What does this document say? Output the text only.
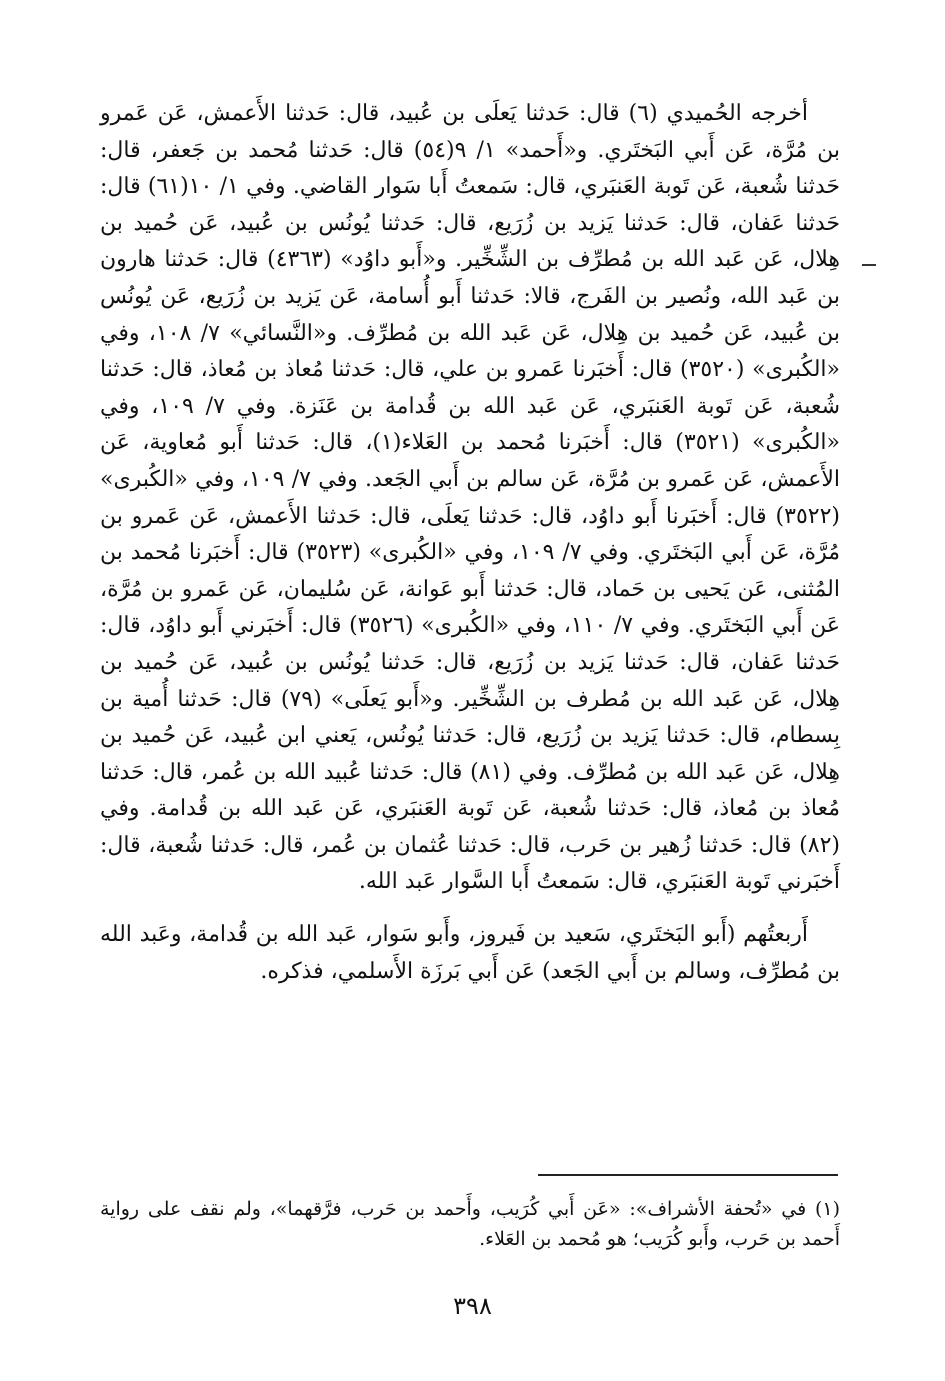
أخرجه الحُميدي (٦) قال: حَدثنا يَعلَى بن عُبيد، قال: حَدثنا الأَعمش، عَن عَمرو بن مُرَّة، عَن أَبي البَختَري. و«أَحمد» ١/ ٩(٥٤) قال: حَدثنا مُحمد بن جَعفر، قال: حَدثنا شُعبة، عَن تَوبة العَنبَري، قال: سَمعتُ أَبا سَوار القاضي. وفي ١/ ١٠(٦١) قال: حَدثنا عَفان، قال: حَدثنا يَزيد بن زُرَيع، قال: حَدثنا يُونُس بن عُبيد، عَن حُميد بن هِلال، عَن عَبد الله بن مُطرِّف بن الشِّخِّير. و«أَبو داوُد» (٤٣٦٣) قال: حَدثنا هارون بن عَبد الله، ونُصير بن الفَرج، قالا: حَدثنا أَبو أُسامة، عَن يَزيد بن زُرَيع، عَن يُونُس بن عُبيد، عَن حُميد بن هِلال، عَن عَبد الله بن مُطرِّف. و«النَّسائي» ٧/ ١٠٨، وفي «الكُبرى» (٣٥٢٠) قال: أَخبَرنا عَمرو بن علي، قال: حَدثنا مُعاذ بن مُعاذ، قال: حَدثنا شُعبة، عَن تَوبة العَنبَري، عَن عَبد الله بن قُدامة بن عَنَزة. وفي ٧/ ١٠٩، وفي «الكُبرى» (٣٥٢١) قال: أَخبَرنا مُحمد بن العَلاء(١)، قال: حَدثنا أَبو مُعاوية، عَن الأَعمش، عَن عَمرو بن مُرَّة، عَن سالم بن أَبي الجَعد. وفي ٧/ ١٠٩، وفي «الكُبرى» (٣٥٢٢) قال: أَخبَرنا أَبو داوُد، قال: حَدثنا يَعلَى، قال: حَدثنا الأَعمش، عَن عَمرو بن مُرَّة، عَن أَبي البَختَري. وفي ٧/ ١٠٩، وفي «الكُبرى» (٣٥٢٣) قال: أَخبَرنا مُحمد بن المُثنى، عَن يَحيى بن حَماد، قال: حَدثنا أَبو عَوانة، عَن سُليمان، عَن عَمرو بن مُرَّة، عَن أَبي البَختَري. وفي ٧/ ١١٠، وفي «الكُبرى» (٣٥٢٦) قال: أَخبَرني أَبو داوُد، قال: حَدثنا عَفان، قال: حَدثنا يَزيد بن زُرَيع، قال: حَدثنا يُونُس بن عُبيد، عَن حُميد بن هِلال، عَن عَبد الله بن مُطرف بن الشِّخِّير. و«أَبو يَعلَى» (٧٩) قال: حَدثنا أُمية بن بِسطام، قال: حَدثنا يَزيد بن زُرَيع، قال: حَدثنا يُونُس، يَعني ابن عُبيد، عَن حُميد بن هِلال، عَن عَبد الله بن مُطرِّف. وفي (٨١) قال: حَدثنا عُبيد الله بن عُمر، قال: حَدثنا مُعاذ بن مُعاذ، قال: حَدثنا شُعبة، عَن تَوبة العَنبَري، عَن عَبد الله بن قُدامة. وفي (٨٢) قال: حَدثنا زُهير بن حَرب، قال: حَدثنا عُثمان بن عُمر، قال: حَدثنا شُعبة، قال: أَخبَرني تَوبة العَنبَري، قال: سَمعتُ أَبا السَّوار عَبد الله.

أَربعتُهم (أَبو البَختَري، سَعيد بن فَيروز، وأَبو سَوار، عَبد الله بن قُدامة، وعَبد الله بن مُطرِّف، وسالم بن أَبي الجَعد) عَن أَبي بَرزَة الأَسلمي، فذكره.

(١) في «تُحفة الأشراف»: «عَن أَبي كُرَيب، وأَحمد بن حَرب، فرَّقهما»، ولم نقف على رواية أَحمد بن حَرب، وأَبو كُرَيب؛ هو مُحمد بن العَلاء.

٣٩٨
